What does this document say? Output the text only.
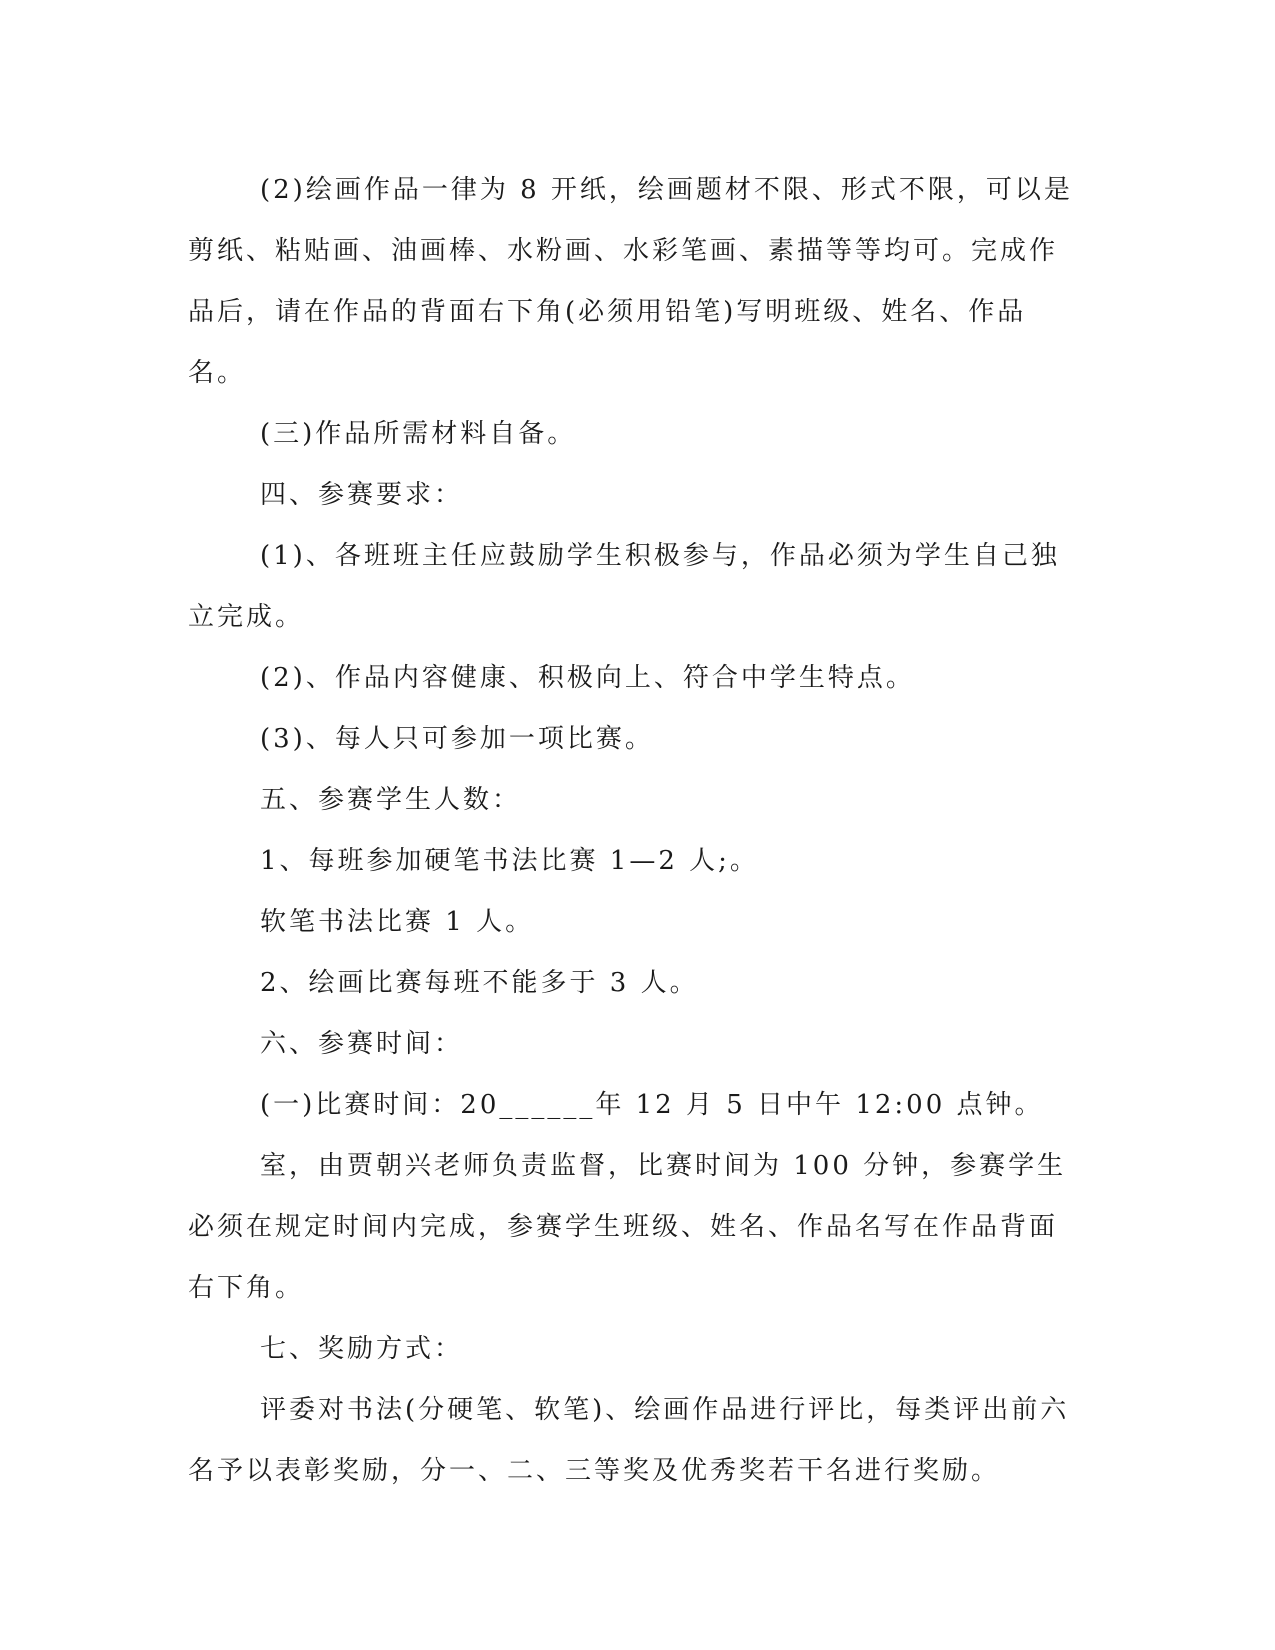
(2)绘画作品一律为 8 开纸，绘画题材不限、形式不限，可以是剪纸、粘贴画、油画棒、水粉画、水彩笔画、素描等等均可。完成作品后，请在作品的背面右下角(必须用铅笔)写明班级、姓名、作品名。

(三)作品所需材料自备。

四、参赛要求：

(1)、各班班主任应鼓励学生积极参与，作品必须为学生自己独立完成。

(2)、作品内容健康、积极向上、符合中学生特点。

(3)、每人只可参加一项比赛。

五、参赛学生人数：

1、每班参加硬笔书法比赛 1—2 人;。

软笔书法比赛 1 人。

2、绘画比赛每班不能多于 3 人。

六、参赛时间：

(一)比赛时间：20______年 12 月 5 日中午 12:00 点钟。

室，由贾朝兴老师负责监督，比赛时间为 100 分钟，参赛学生必须在规定时间内完成，参赛学生班级、姓名、作品名写在作品背面右下角。

七、奖励方式：

评委对书法(分硬笔、软笔)、绘画作品进行评比，每类评出前六名予以表彰奖励，分一、二、三等奖及优秀奖若干名进行奖励。
